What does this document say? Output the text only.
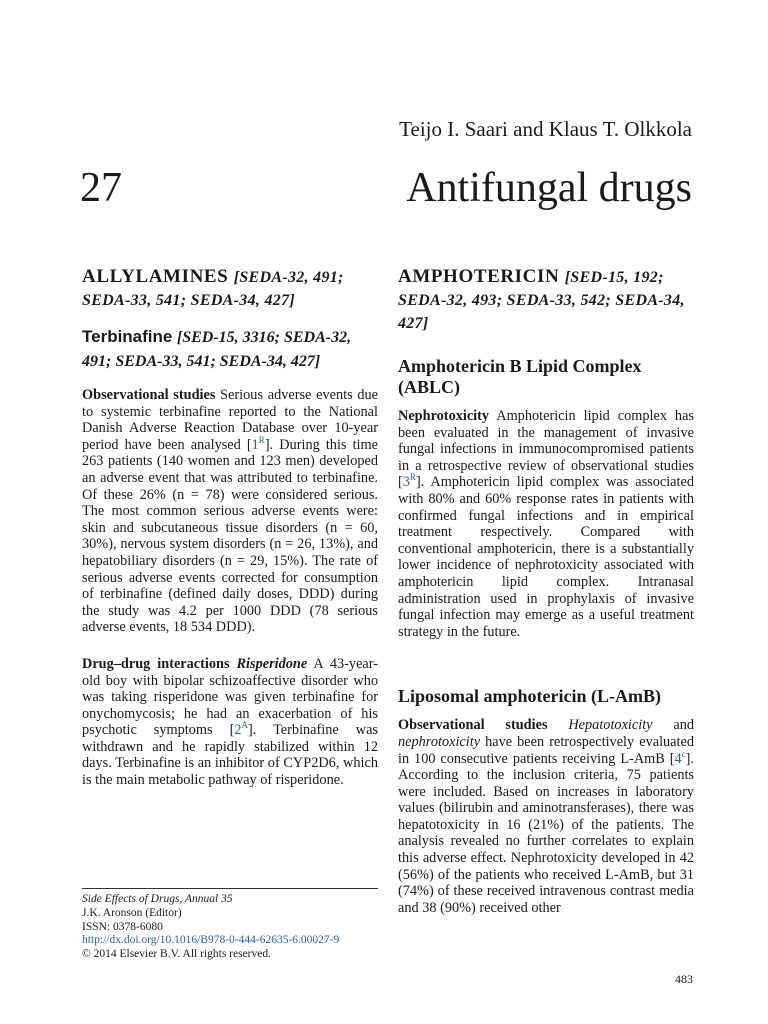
Teijo I. Saari and Klaus T. Olkkola
27	Antifungal drugs
ALLYLAMINES [SEDA-32, 491; SEDA-33, 541; SEDA-34, 427]
Terbinafine [SED-15, 3316; SEDA-32, 491; SEDA-33, 541; SEDA-34, 427]

Observational studies Serious adverse events due to systemic terbinafine reported to the National Danish Adverse Reaction Database over 10-year period have been analysed $[1^R]$. During this time 263 patients (140 women and 123 men) developed an adverse event that was attributed to terbinafine. Of these 26% (n = 78) were considered serious. The most common serious adverse events were: skin and subcutaneous tissue disorders (n = 60, 30%), nervous system disorders (n = 26, 13%), and hepatobiliary disorders (n = 29, 15%). The rate of serious adverse events corrected for consumption of terbinafine (defined daily doses, DDD) during the study was 4.2 per 1000 DDD (78 serious adverse events, 18 534 DDD).

Drug–drug interactions Risperidone A 43-year-old boy with bipolar schizoaffective disorder who was taking risperidone was given terbinafine for onychomycosis; he had an exacerbation of his psychotic symptoms $[2^A]$. Terbinafine was withdrawn and he rapidly stabilized within 12 days. Terbinafine is an inhibitor of CYP2D6, which is the main metabolic pathway of risperidone.

AMPHOTERICIN [SED-15, 192; SEDA-32, 493; SEDA-33, 542; SEDA-34, 427]
Amphotericin B Lipid Complex (ABLC)

Nephrotoxicity Amphotericin lipid complex has been evaluated in the management of invasive fungal infections in immunocompromised patients in a retrospective review of observational studies $[3^R]$. Amphotericin lipid complex was associated with 80% and 60% response rates in patients with confirmed fungal infections and in empirical treatment respectively. Compared with conventional amphotericin, there is a substantially lower incidence of nephrotoxicity associated with amphotericin lipid complex. Intranasal administration used in prophylaxis of invasive fungal infection may emerge as a useful treatment strategy in the future.

Liposomal amphotericin (L-AmB)

Observational studies Hepatotoxicity and nephrotoxicity have been retrospectively evaluated in 100 consecutive patients receiving L-AmB [4$^c$]. According to the inclusion criteria, 75 patients were included. Based on increases in laboratory values (bilirubin and aminotransferases), there was hepatotoxicity in 16 (21%) of the patients. The analysis revealed no further correlates to explain this adverse effect. Nephrotoxicity developed in 42 (56%) of the patients who received L-AmB, but 31 (74%) of these received intravenous contrast media and 38 (90%) received other

Side Effects of Drugs, Annual 35
J.K. Aronson (Editor)
ISSN: 0378-6080
http://dx.doi.org/10.1016/B978-0-444-62635-6.00027-9
© 2014 Elsevier B.V. All rights reserved.
483
